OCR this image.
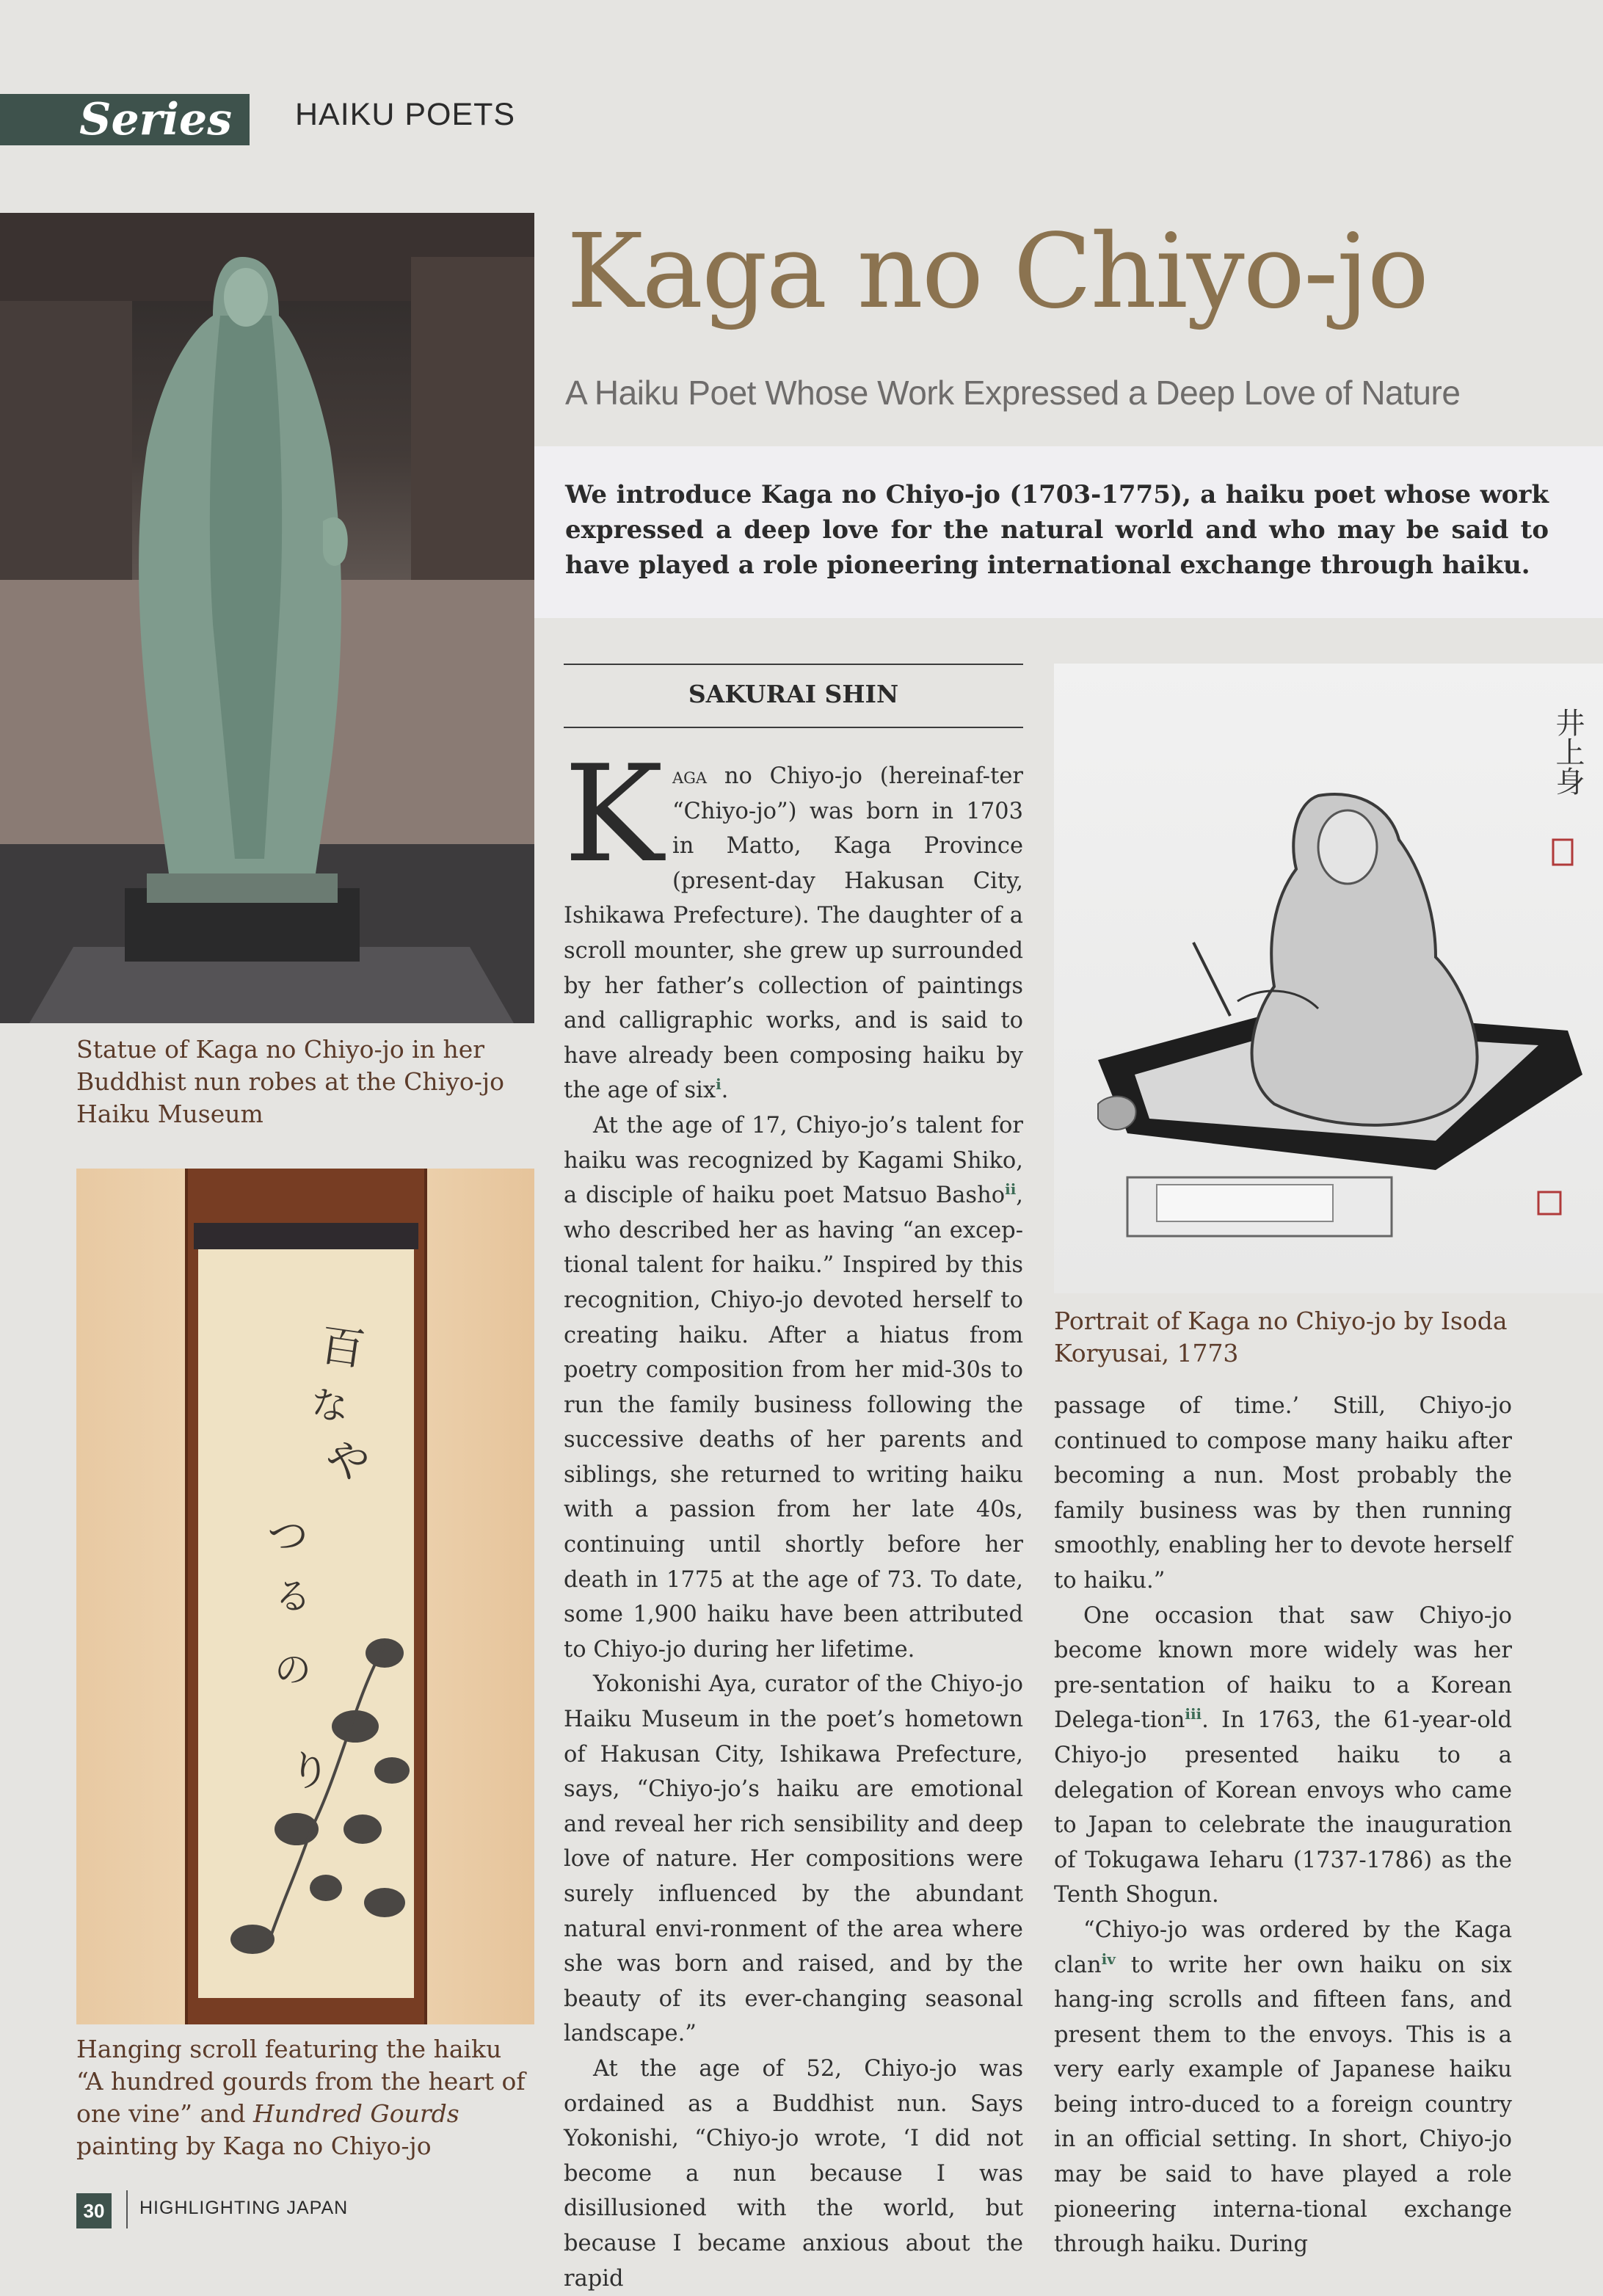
Series HAIKU POETS
Statue of Kaga no Chiyo-jo in her Buddhist nun robes at the Chiyo-jo Haiku Museum
百
な
や
つ
る
の
り
Hanging scroll featuring the haiku “A hundred gourds from the heart of one vine” and Hundred Gourds painting by Kaga no Chiyo-jo
Kaga no Chiyo-jo
A Haiku Poet Whose Work Expressed a Deep Love of Nature
We introduce Kaga no Chiyo-jo (1703-1775), a haiku poet whose work expressed a deep love for the natural world and who may be said to have played a role pioneering international exchange through haiku.
SAKURAI SHIN

Kaga no Chiyo-jo (hereinaf-ter “Chiyo-jo”) was born in 1703 in Matto, Kaga Province (present-day Hakusan City, Ishikawa Prefecture). The daughter of a scroll mounter, she grew up surrounded by her father’s collection of paintings and calligraphic works, and is said to have already been composing haiku by the age of six$^i$.

At the age of 17, Chiyo-jo’s talent for haiku was recognized by Kagami Shiko, a disciple of haiku poet Matsuo Basho$^{ii}$, who described her as having “an excep-tional talent for haiku.” Inspired by this recognition, Chiyo-jo devoted herself to creating haiku. After a hiatus from poetry composition from her mid-30s to run the family business following the successive deaths of her parents and siblings, she returned to writing haiku with a passion from her late 40s, continuing until shortly before her death in 1775 at the age of 73. To date, some 1,900 haiku have been attributed to Chiyo-jo during her lifetime.

Yokonishi Aya, curator of the Chiyo-jo Haiku Museum in the poet’s hometown of Hakusan City, Ishikawa Prefecture, says, “Chiyo-jo’s haiku are emotional and reveal her rich sensibility and deep love of nature. Her compositions were surely influenced by the abundant natural envi-ronment of the area where she was born and raised, and by the beauty of its ever-changing seasonal landscape.”

At the age of 52, Chiyo-jo was ordained as a Buddhist nun. Says Yokonishi, “Chiyo-jo wrote, ‘I did not become a nun because I was disillusioned with the world, but because I became anxious about the rapid

井上身
Portrait of Kaga no Chiyo-jo by Isoda Koryusai, 1773

passage of time.’ Still, Chiyo-jo continued to compose many haiku after becoming a nun. Most probably the family business was by then running smoothly, enabling her to devote herself to haiku.”

One occasion that saw Chiyo-jo become known more widely was her pre-sentation of haiku to a Korean Delega-tion$^{iii}$. In 1763, the 61-year-old Chiyo-jo presented haiku to a delegation of Korean envoys who came to Japan to celebrate the inauguration of Tokugawa Ieharu (1737-1786) as the Tenth Shogun.

“Chiyo-jo was ordered by the Kaga clan$^{iv}$ to write her own haiku on six hang-ing scrolls and fifteen fans, and present them to the envoys. This is a very early example of Japanese haiku being intro-duced to a foreign country in an official setting. In short, Chiyo-jo may be said to have played a role pioneering interna-tional exchange through haiku. During

30	HIGHLIGHTING JAPAN
